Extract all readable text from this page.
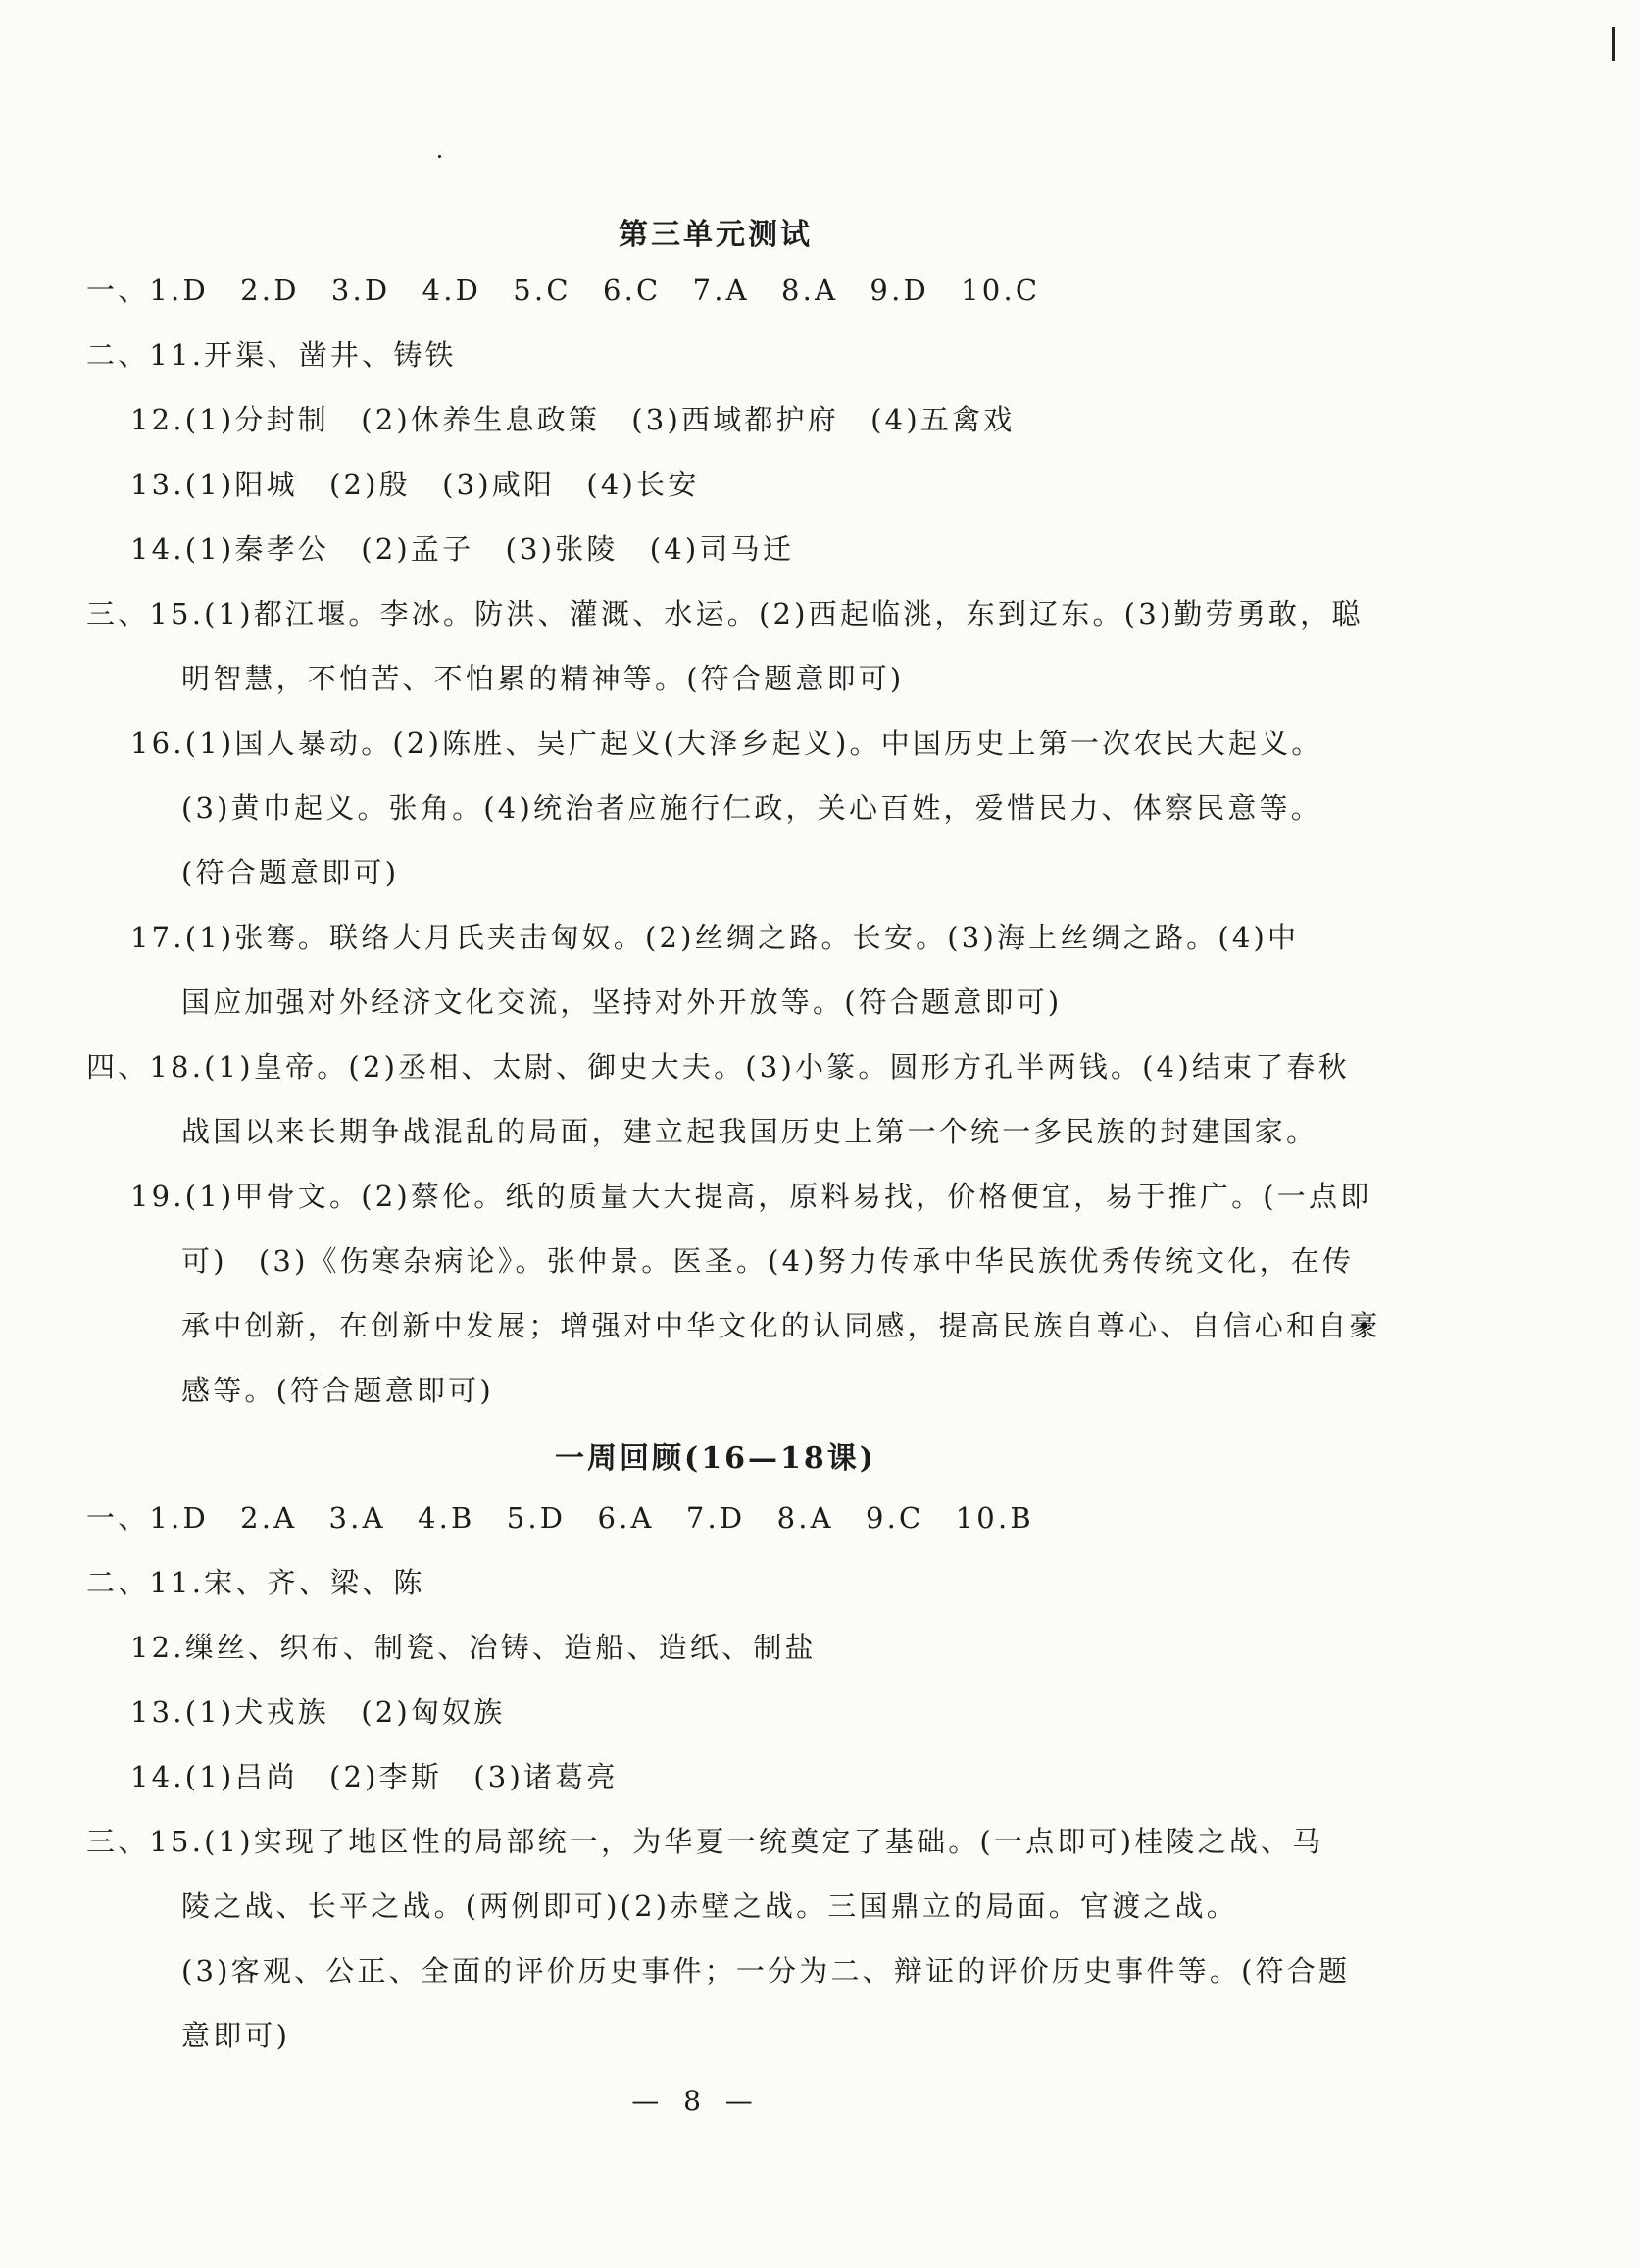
第三单元测试
一、1.D　2.D　3.D　4.D　5.C　6.C　7.A　8.A　9.D　10.C
二、11.开渠、凿井、铸铁
12.(1)分封制　(2)休养生息政策　(3)西域都护府　(4)五禽戏
13.(1)阳城　(2)殷　(3)咸阳　(4)长安
14.(1)秦孝公　(2)孟子　(3)张陵　(4)司马迁
三、15.(1)都江堰。李冰。防洪、灌溉、水运。(2)西起临洮，东到辽东。(3)勤劳勇敢，聪
明智慧，不怕苦、不怕累的精神等。(符合题意即可)
16.(1)国人暴动。(2)陈胜、吴广起义(大泽乡起义)。中国历史上第一次农民大起义。
(3)黄巾起义。张角。(4)统治者应施行仁政，关心百姓，爱惜民力、体察民意等。
(符合题意即可)
17.(1)张骞。联络大月氏夹击匈奴。(2)丝绸之路。长安。(3)海上丝绸之路。(4)中
国应加强对外经济文化交流，坚持对外开放等。(符合题意即可)
四、18.(1)皇帝。(2)丞相、太尉、御史大夫。(3)小篆。圆形方孔半两钱。(4)结束了春秋
战国以来长期争战混乱的局面，建立起我国历史上第一个统一多民族的封建国家。
19.(1)甲骨文。(2)蔡伦。纸的质量大大提高，原料易找，价格便宜，易于推广。(一点即
可)　(3)《伤寒杂病论》。张仲景。医圣。(4)努力传承中华民族优秀传统文化，在传
承中创新，在创新中发展；增强对中华文化的认同感，提高民族自尊心、自信心和自豪
感等。(符合题意即可)
一周回顾(16—18课)
一、1.D　2.A　3.A　4.B　5.D　6.A　7.D　8.A　9.C　10.B
二、11.宋、齐、梁、陈
12.缫丝、织布、制瓷、冶铸、造船、造纸、制盐
13.(1)犬戎族　(2)匈奴族
14.(1)吕尚　(2)李斯　(3)诸葛亮
三、15.(1)实现了地区性的局部统一，为华夏一统奠定了基础。(一点即可)桂陵之战、马
陵之战、长平之战。(两例即可)(2)赤壁之战。三国鼎立的局面。官渡之战。
(3)客观、公正、全面的评价历史事件；一分为二、辩证的评价历史事件等。(符合题
意即可)
— 8 —
